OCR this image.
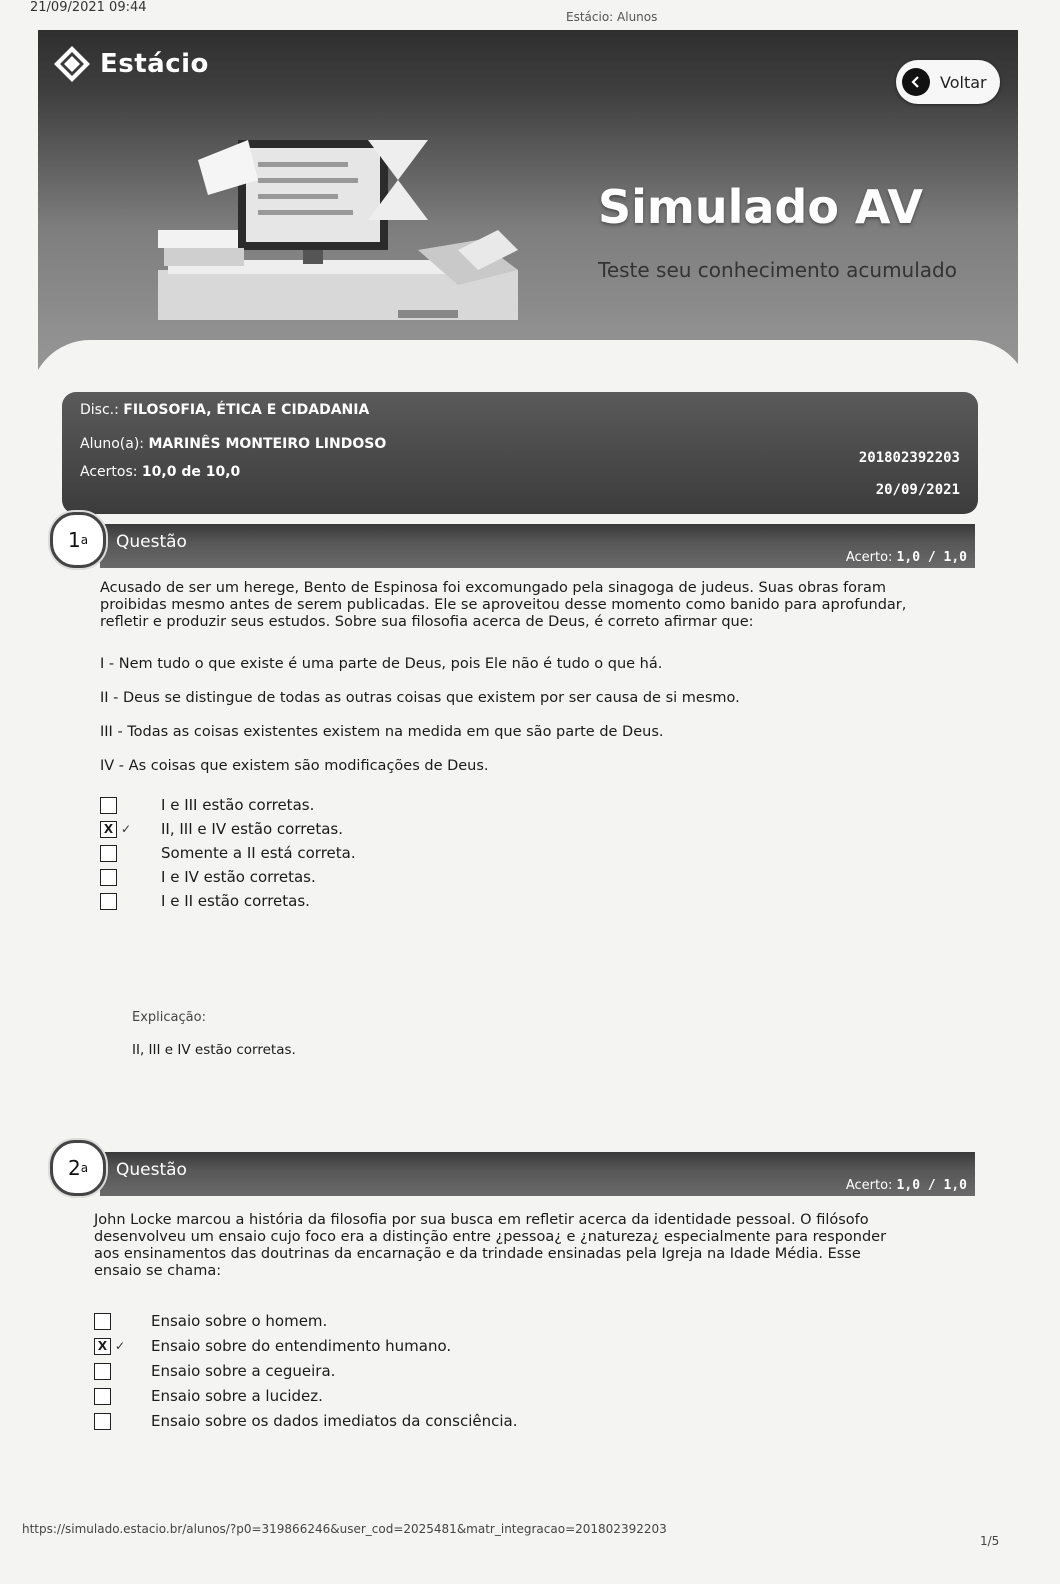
21/09/2021 09:44
Estácio: Alunos
Estácio
Voltar
Simulado AV
Teste seu conhecimento acumulado
Disc.: FILOSOFIA, ÉTICA E CIDADANIA
Aluno(a): MARINÊS MONTEIRO LINDOSO
Acertos: 10,0 de 10,0
201802392203
20/09/2021
1 a Questão
Acerto: 1,0 / 1,0
Acusado de ser um herege, Bento de Espinosa foi excomungado pela sinagoga de judeus. Suas obras foram
proibidas mesmo antes de serem publicadas. Ele se aproveitou desse momento como banido para aprofundar,
refletir e produzir seus estudos. Sobre sua filosofia acerca de Deus, é correto afirmar que:
I - Nem tudo o que existe é uma parte de Deus, pois Ele não é tudo o que há.
II - Deus se distingue de todas as outras coisas que existem por ser causa de si mesmo.
III - Todas as coisas existentes existem na medida em que são parte de Deus.
IV - As coisas que existem são modificações de Deus.
I e III estão corretas.
X ✓	II, III e IV estão corretas.
Somente a II está correta.
I e IV estão corretas.
I e II estão corretas.
Explicação:
II, III e IV estão corretas.
2 a Questão
Acerto: 1,0 / 1,0
John Locke marcou a história da filosofia por sua busca em refletir acerca da identidade pessoal. O filósofo
desenvolveu um ensaio cujo foco era a distinção entre ¿pessoa¿ e ¿natureza¿ especialmente para responder
aos ensinamentos das doutrinas da encarnação e da trindade ensinadas pela Igreja na Idade Média. Esse
ensaio se chama:
Ensaio sobre o homem.
X ✓	Ensaio sobre do entendimento humano.
Ensaio sobre a cegueira.
Ensaio sobre a lucidez.
Ensaio sobre os dados imediatos da consciência.
https://simulado.estacio.br/alunos/?p0=319866246&user_cod=2025481&matr_integracao=201802392203
1/5
